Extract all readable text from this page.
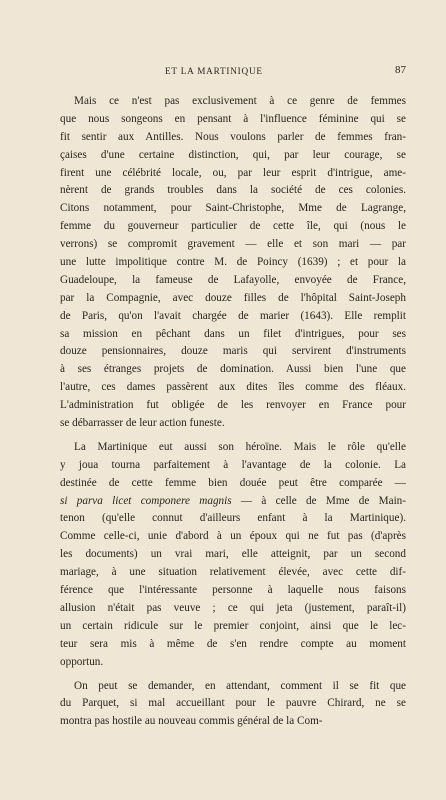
ET LA MARTINIQUE	87
Mais ce n'est pas exclusivement à ce genre de femmes
que nous songeons en pensant à l'influence féminine qui se
fit sentir aux Antilles. Nous voulons parler de femmes fran-
çaises d'une certaine distinction, qui, par leur courage, se
firent une célébrité locale, ou, par leur esprit d'intrigue, ame-
nèrent de grands troubles dans la société de ces colonies.
Citons notamment, pour Saint-Christophe, Mme de Lagrange,
femme du gouverneur particulier de cette île, qui (nous le
verrons) se compromit gravement — elle et son mari — par
une lutte impolitique contre M. de Poincy (1639) ; et pour la
Guadeloupe, la fameuse de Lafayolle, envoyée de France,
par la Compagnie, avec douze filles de l'hôpital Saint-Joseph
de Paris, qu'on l'avait chargée de marier (1643). Elle remplit
sa mission en pêchant dans un filet d'intrigues, pour ses
douze pensionnaires, douze maris qui servirent d'instruments
à ses étranges projets de domination. Aussi bien l'une que
l'autre, ces dames passèrent aux dites îles comme des fléaux.
L'administration fut obligée de les renvoyer en France pour
se débarrasser de leur action funeste.
La Martinique eut aussi son héroïne. Mais le rôle qu'elle
y joua tourna parfaitement à l'avantage de la colonie. La
destinée de cette femme bien douée peut être comparée —
si parva licet componere magnis — à celle de Mme de Main-
tenon (qu'elle connut d'ailleurs enfant à la Martinique).
Comme celle-ci, unie d'abord à un époux qui ne fut pas (d'après
les documents) un vrai mari, elle atteignit, par un second
mariage, à une situation relativement élevée, avec cette dif-
férence que l'intéressante personne à laquelle nous faisons
allusion n'était pas veuve ; ce qui jeta (justement, paraît-il)
un certain ridicule sur le premier conjoint, ainsi que le lec-
teur sera mis à même de s'en rendre compte au moment
opportun.
On peut se demander, en attendant, comment il se fit que
du Parquet, si mal accueillant pour le pauvre Chirard, ne se
montra pas hostile au nouveau commis général de la Com-
